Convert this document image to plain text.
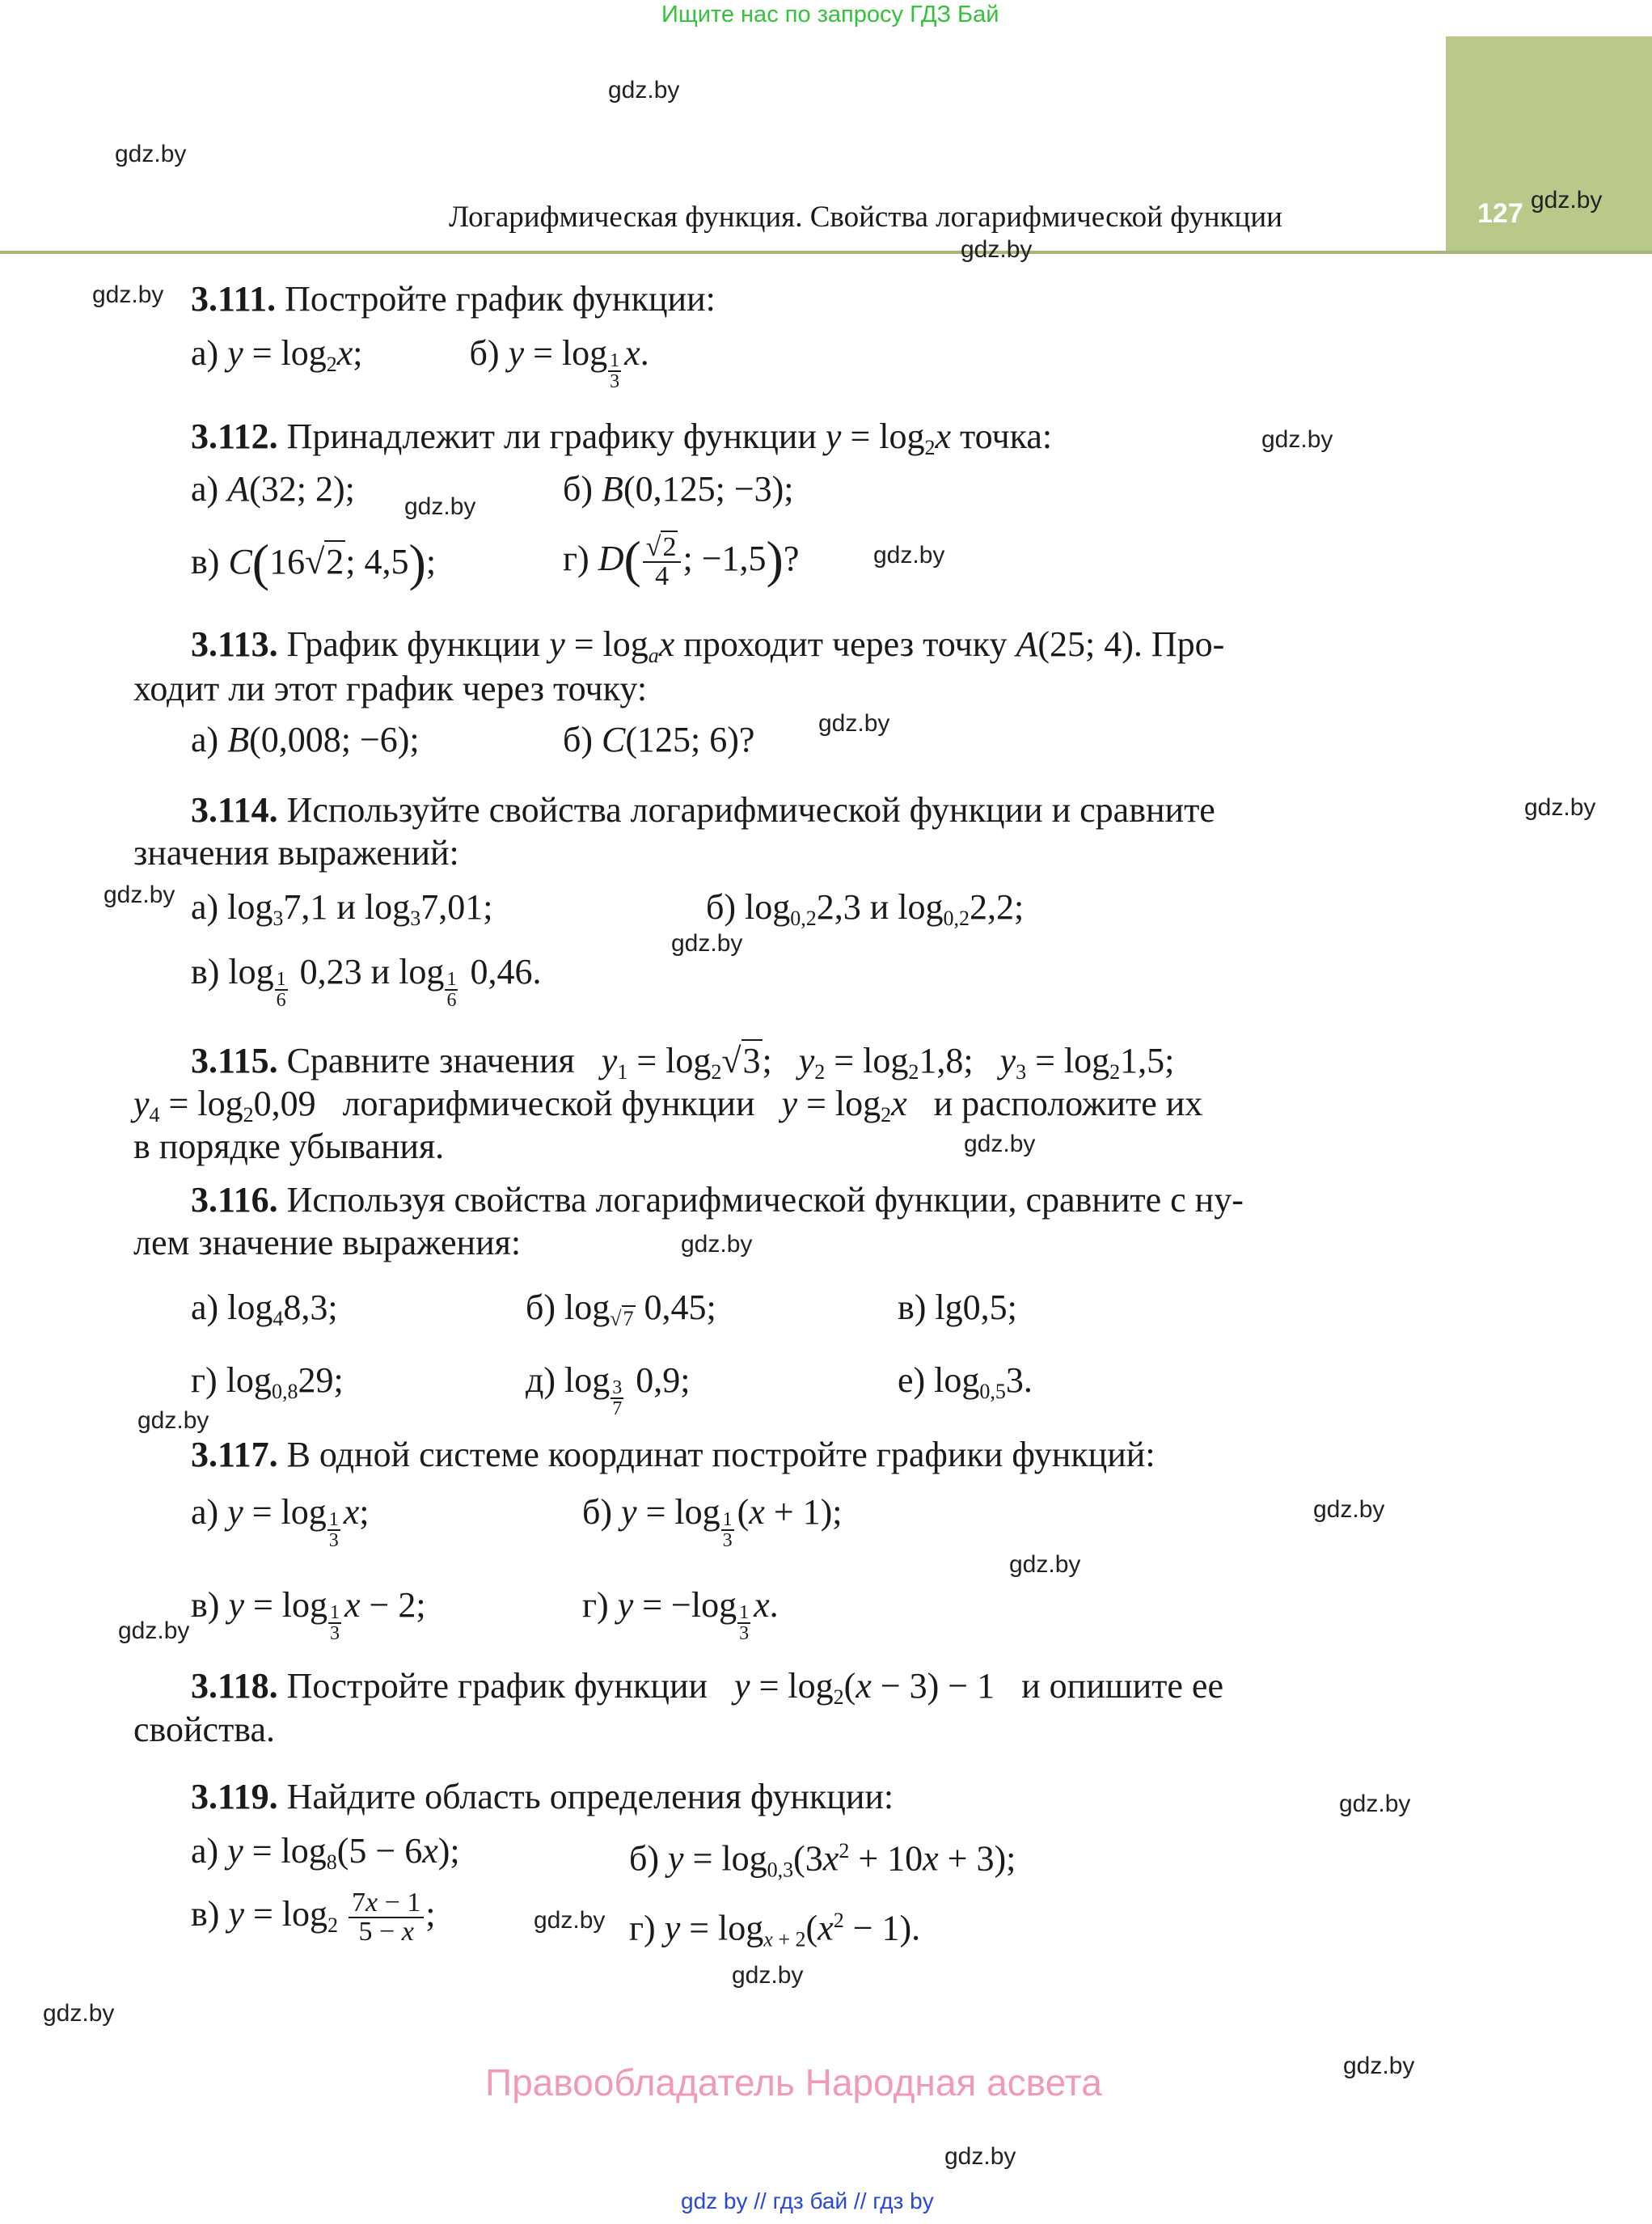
Ищите нас по запросу ГДЗ Бай
127
Логарифмическая функция. Свойства логарифмической функции
gdz.by
gdz.by
gdz.by
gdz.by
gdz.by
gdz.by
gdz.by
gdz.by
gdz.by
gdz.by
gdz.by
gdz.by
gdz.by
gdz.by
gdz.by
gdz.by
gdz.by
gdz.by
gdz.by
gdz.by
gdz.by
gdz.by
gdz.by
gdz.by
3.111. Постройте график функции:
а) $y = \log_2x$;	б) $y = \log \frac{1}{3} x$.
3.112. Принадлежит ли графику функции $y = \log_2x$ точка:
а) A(32; 2);	б) B(0,125; −3);
в) C(16√2; 4,5);	г) $D( \frac{√2}{4}$ ; −1,5)?
3.113. График функции $y = \log_ax$ проходит через точку A(25; 4). Про-
ходит ли этот график через точку:
а) B(0,008; −6);	б) C(125; 6)?
3.114. Используйте свойства логарифмической функции и сравните
значения выражений:
а) $\log_37,1$ и $\log_37,01$;	б) $\log_{0,2}2,3$ и $\log_{0,2}2,2$;
в) $\log \frac{1}{6} 0,23$ и $\log \frac{1}{6} 0,46$.
3.115. Сравните значения $y_1 = \log_2√3$;   $y_2 = \log_21,8$;   $y_3 = \log_21,5$;
$y_4 = \log_20,09$   логарифмической функции $y = \log_2x$ и расположите их
в порядке убывания.
3.116. Используя свойства логарифмической функции, сравните с ну-
лем значение выражения:
а) $\log_48,3$;	б) $\log_{√7} 0,45$;	в) lg0,5;
г) $\log_{0,8}29$;	д) $\log \frac{3}{7} 0,9$;	е) $\log_{0,5}3$.
3.117. В одной системе координат постройте графики функций:
а) $y = \log \frac{1}{3} x$;	б) $y = \log \frac{1}{3} (x + 1)$;
в) $y = \log \frac{1}{3}$ x − 2;	г) $y = -\log \frac{1}{3} x$.
3.118. Постройте график функции $y = \log_2(x - 3) - 1$   и опишите ее
свойства.
3.119. Найдите область определения функции:
а) $y = \log_8(5 - 6x)$;	б) $y = \log_{0,3}(3x^2 + 10x + 3)$;
в) $y = \log_2 \frac{7x - 1}{5 - x}$ ;	г) $y = \log_{x + 2}(x^2 - 1)$.
Правообладатель Народная асвета
gdz by // гдз бай // гдз by
